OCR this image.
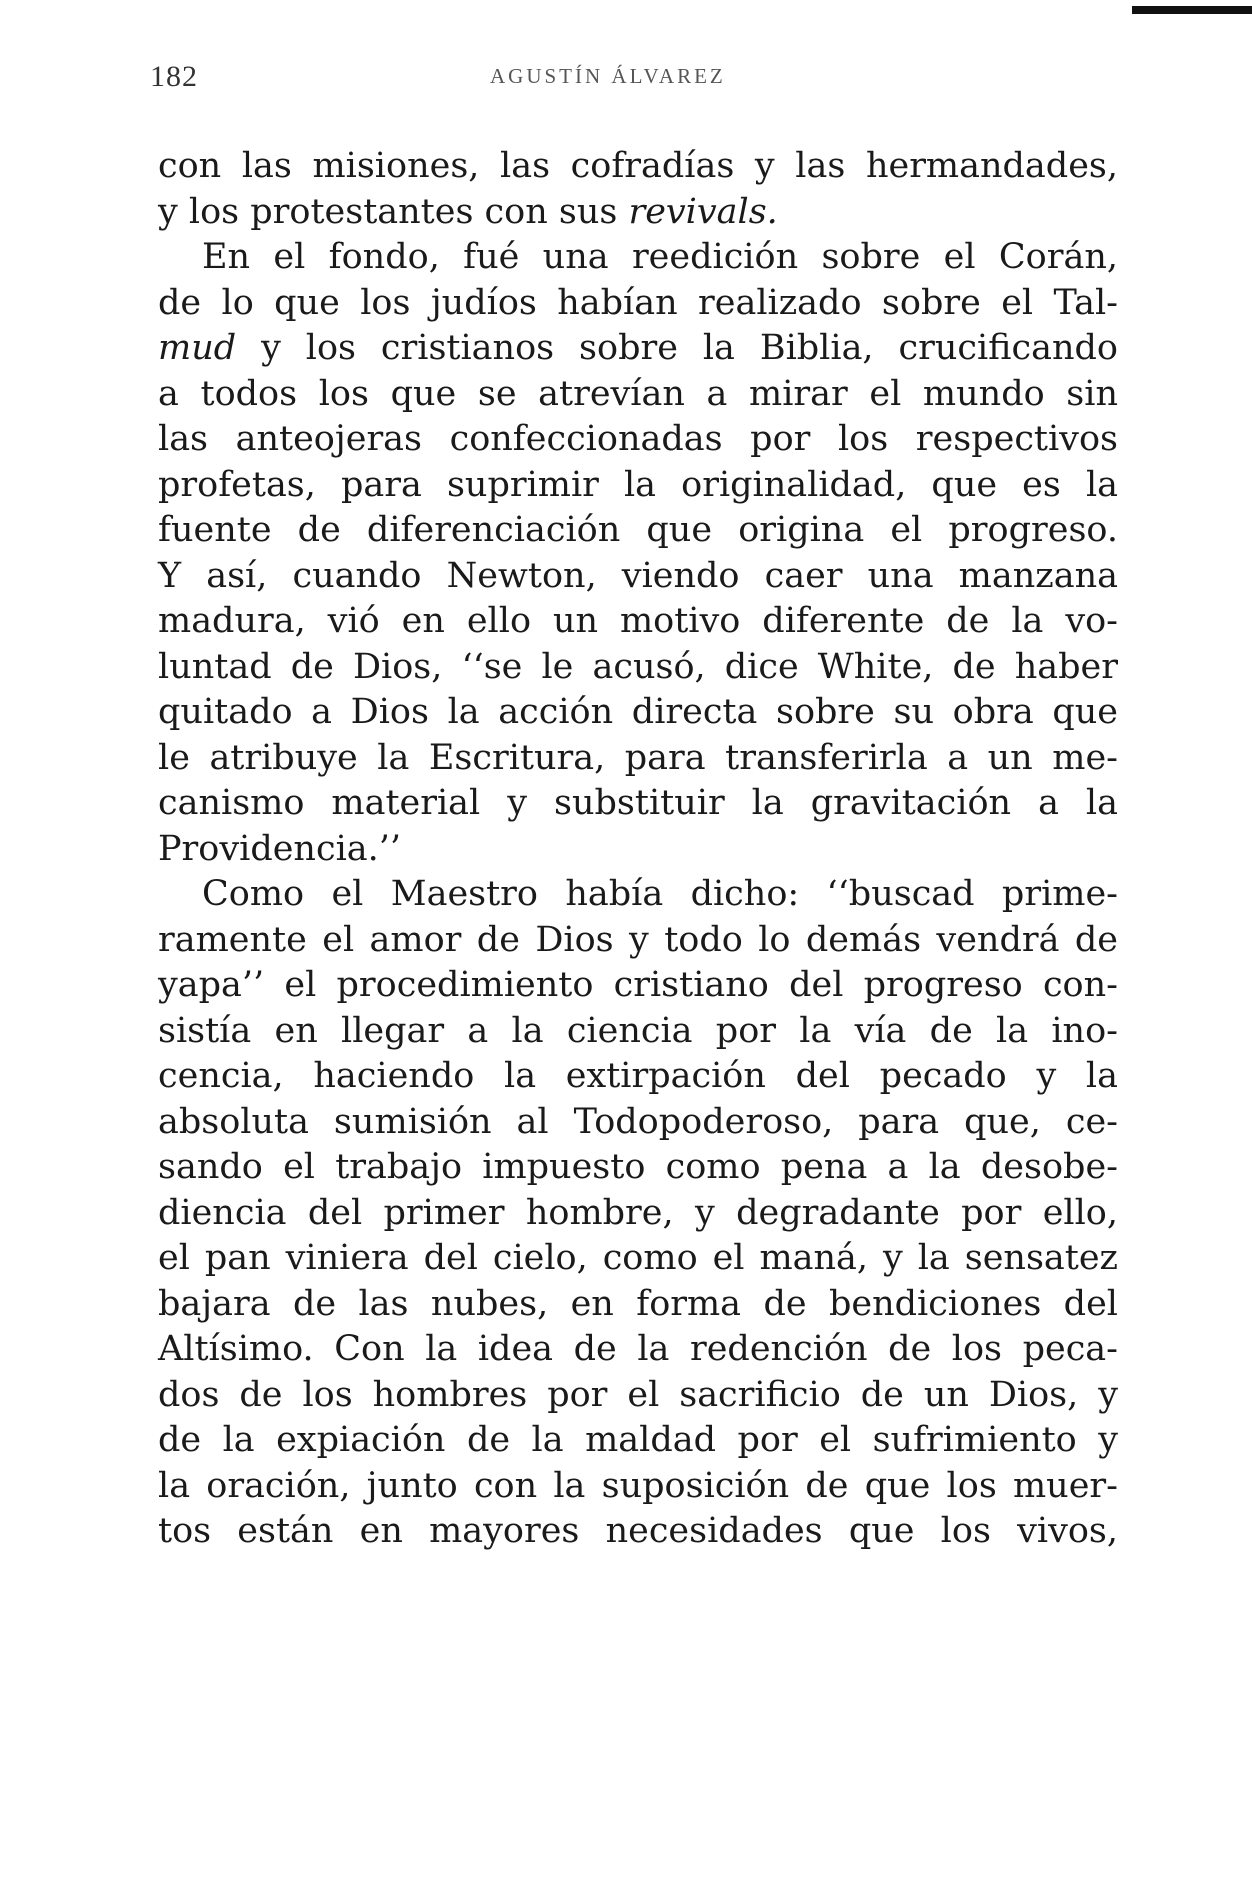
182	AGUSTÍN ÁLVAREZ
con las misiones, las cofradías y las hermandades,
y los protestantes con sus revivals.
En el fondo, fué una reedición sobre el Corán,
de lo que los judíos habían realizado sobre el Tal-
mud y los cristianos sobre la Biblia, crucificando
a todos los que se atrevían a mirar el mundo sin
las anteojeras confeccionadas por los respectivos
profetas, para suprimir la originalidad, que es la
fuente de diferenciación que origina el progreso.
Y así, cuando Newton, viendo caer una manzana
madura, vió en ello un motivo diferente de la vo-
luntad de Dios, ‘‘se le acusó, dice White, de haber
quitado a Dios la acción directa sobre su obra que
le atribuye la Escritura, para transferirla a un me-
canismo material y substituir la gravitación a la
Providencia.’’
Como el Maestro había dicho: ‘‘buscad prime-
ramente el amor de Dios y todo lo demás vendrá de
yapa’’ el procedimiento cristiano del progreso con-
sistía en llegar a la ciencia por la vía de la ino-
cencia, haciendo la extirpación del pecado y la
absoluta sumisión al Todopoderoso, para que, ce-
sando el trabajo impuesto como pena a la desobe-
diencia del primer hombre, y degradante por ello,
el pan viniera del cielo, como el maná, y la sensatez
bajara de las nubes, en forma de bendiciones del
Altísimo. Con la idea de la redención de los peca-
dos de los hombres por el sacrificio de un Dios, y
de la expiación de la maldad por el sufrimiento y
la oración, junto con la suposición de que los muer-
tos están en mayores necesidades que los vivos,
